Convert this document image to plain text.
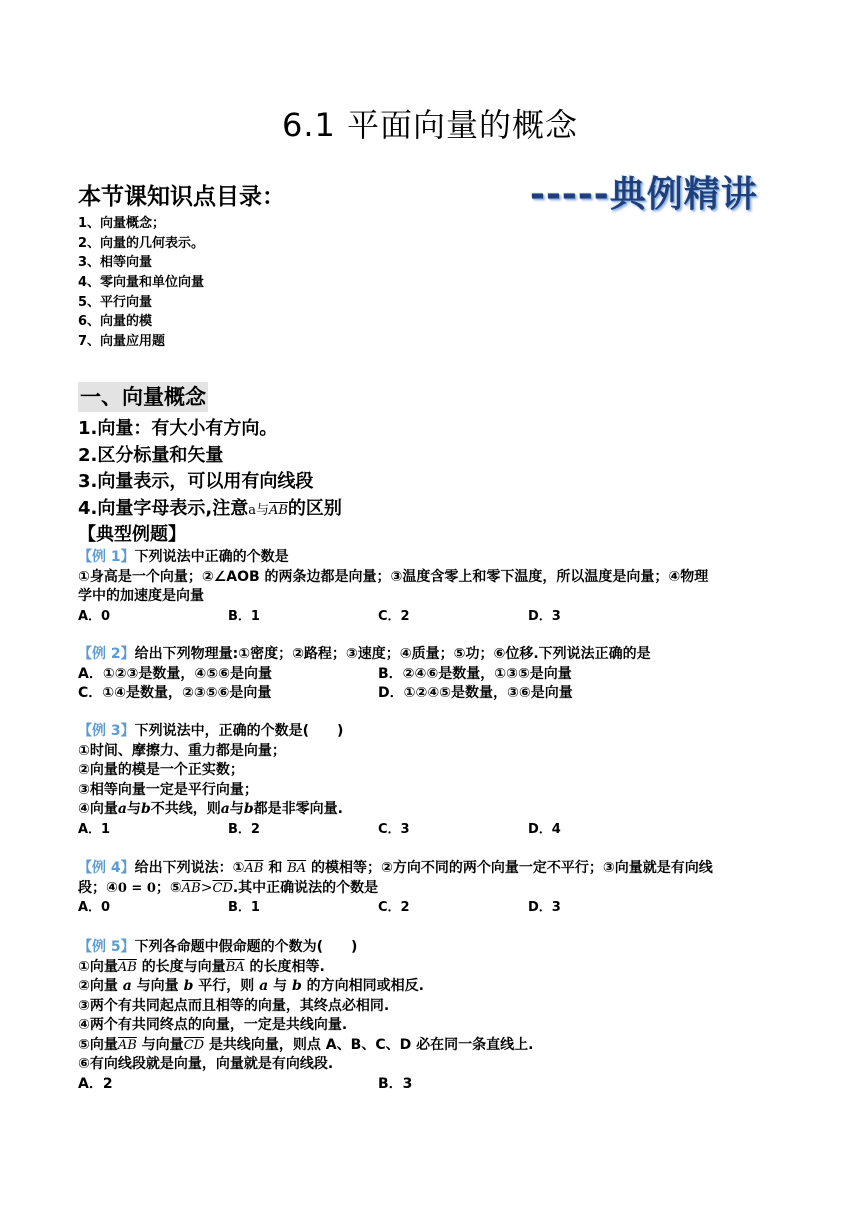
6.1 平面向量的概念
本节课知识点目录：	-----典例精讲
1、向量概念；
2、向量的几何表示。
3、相等向量
4、零向量和单位向量
5、平行向量
6、向量的模
7、向量应用题
一、向量概念
1.向量：有大小有方向。
2.区分标量和矢量
3.向量表示，可以用有向线段
4.向量字母表示,注意a与$\overline{AB}$的区别
【典型例题】

【例 1】下列说法中正确的个数是

①身高是一个向量；②∠AOB 的两条边都是向量；③温度含零上和零下温度，所以温度是向量；④物理

学中的加速度是向量

A．0	B．1	C．2	D．3

【例 2】给出下列物理量:①密度；②路程；③速度；④质量；⑤功；⑥位移.下列说法正确的是

A．①②③是数量，④⑤⑥是向量	B．②④⑥是数量，①③⑤是向量

C．①④是数量，②③⑤⑥是向量	D．①②④⑤是数量，③⑥是向量

【例 3】下列说法中，正确的个数是(　　)

①时间、摩擦力、重力都是向量；

②向量的模是一个正实数；

③相等向量一定是平行向量；

④向量a与b不共线，则a与b都是非零向量.

A．1	B．2	C．3	D．4

【例 4】给出下列说法：$①\overline{AB}$ 和 $\overline{BA}$ 的模相等；②方向不同的两个向量一定不平行；③向量就是有向线

段；④0 = 0；$⑤\overline{AB}>\overline{CD}$.其中正确说法的个数是

A．0	B．1	C．2	D．3

【例 5】下列各命题中假命题的个数为(　　)

①向量$\overline{AB}$ 的长度与向量$\overline{BA}$ 的长度相等.

②向量 a 与向量 b 平行，则 a 与 b 的方向相同或相反.

③两个有共同起点而且相等的向量，其终点必相同.

④两个有共同终点的向量，一定是共线向量.

⑤向量$\overline{AB}$ 与向量$\overline{CD}$ 是共线向量，则点 A、B、C、D 必在同一条直线上.

⑥有向线段就是向量，向量就是有向线段.

A．2	B．3
